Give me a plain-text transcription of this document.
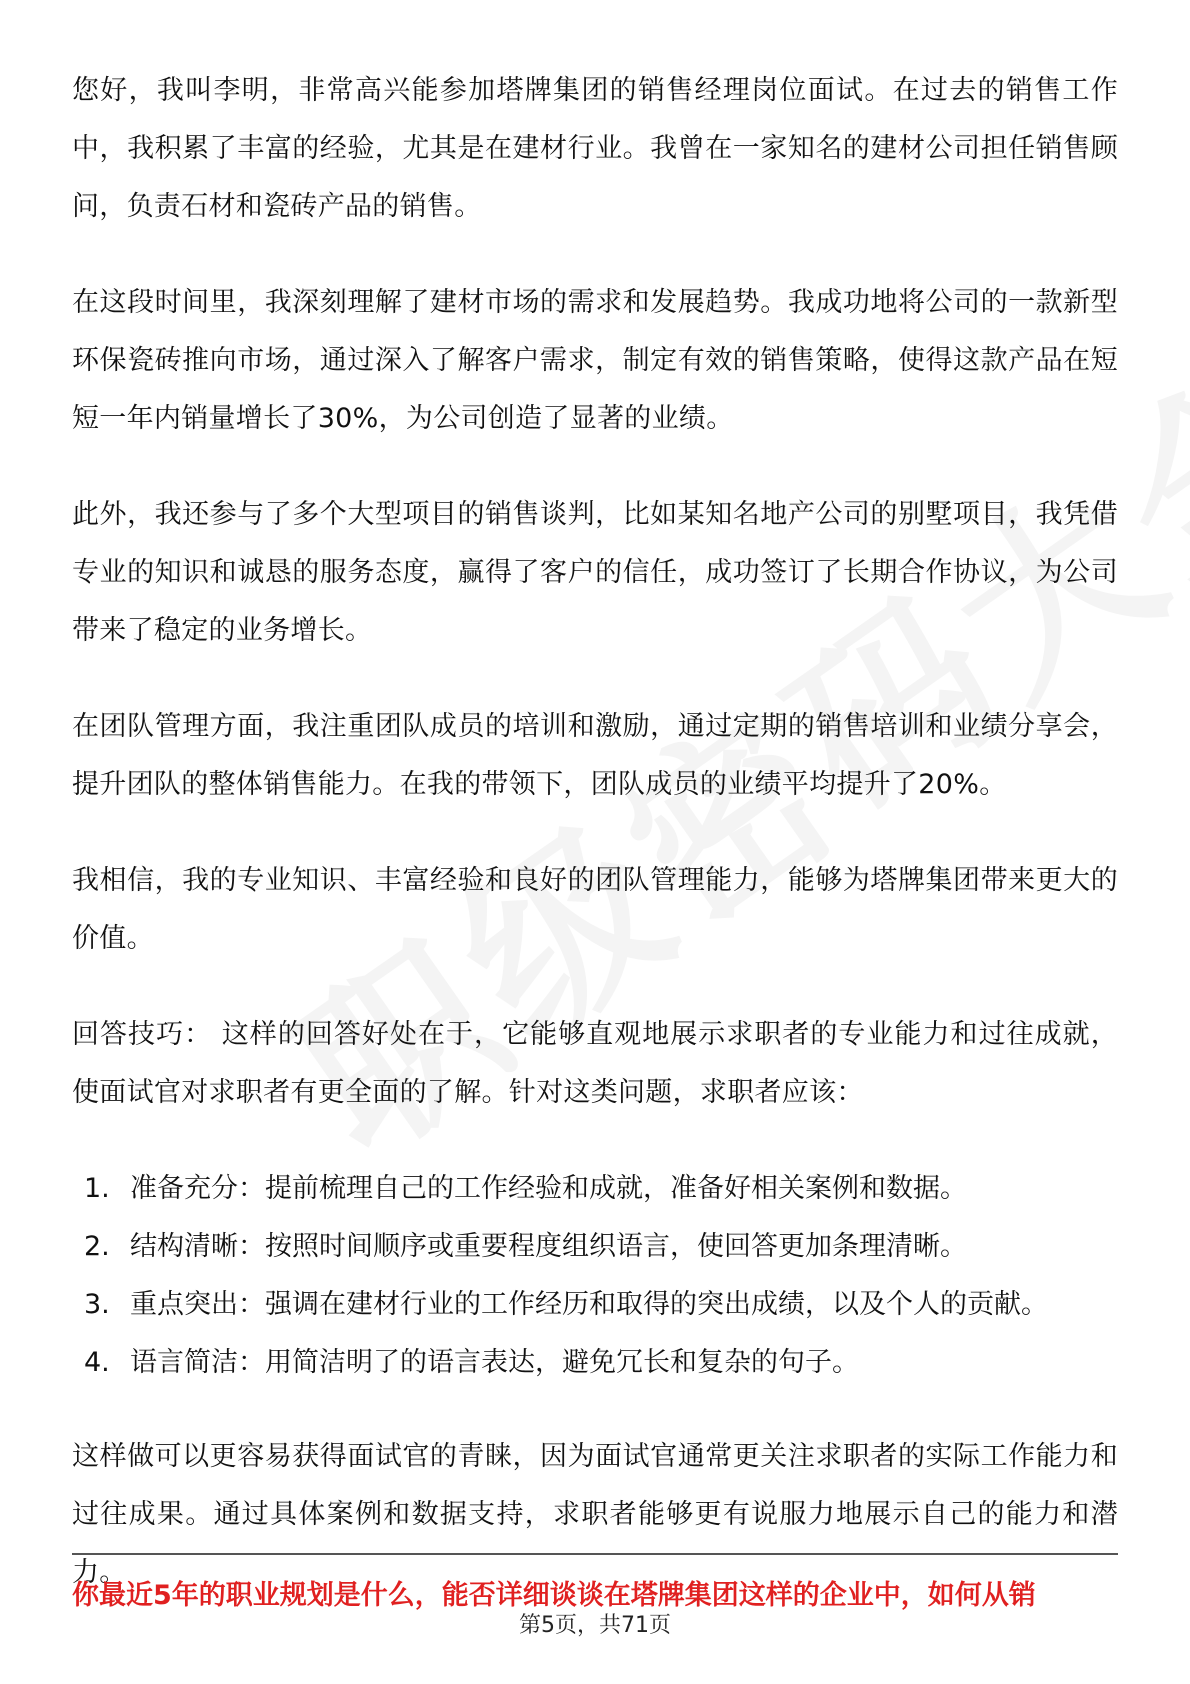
您好，我叫李明，非常高兴能参加塔牌集团的销售经理岗位面试。在过去的销售工作中，我积累了丰富的经验，尤其是在建材行业。我曾在一家知名的建材公司担任销售顾问，负责石材和瓷砖产品的销售。

在这段时间里，我深刻理解了建材市场的需求和发展趋势。我成功地将公司的一款新型环保瓷砖推向市场，通过深入了解客户需求，制定有效的销售策略，使得这款产品在短短一年内销量增长了30%，为公司创造了显著的业绩。

此外，我还参与了多个大型项目的销售谈判，比如某知名地产公司的别墅项目，我凭借专业的知识和诚恳的服务态度，赢得了客户的信任，成功签订了长期合作协议，为公司带来了稳定的业务增长。

在团队管理方面，我注重团队成员的培训和激励，通过定期的销售培训和业绩分享会，提升团队的整体销售能力。在我的带领下，团队成员的业绩平均提升了20%。

我相信，我的专业知识、丰富经验和良好的团队管理能力，能够为塔牌集团带来更大的价值。

回答技巧： 这样的回答好处在于，它能够直观地展示求职者的专业能力和过往成就，使面试官对求职者有更全面的了解。针对这类问题，求职者应该：

1. 准备充分：提前梳理自己的工作经验和成就，准备好相关案例和数据。
2. 结构清晰：按照时间顺序或重要程度组织语言，使回答更加条理清晰。
3. 重点突出：强调在建材行业的工作经历和取得的突出成绩，以及个人的贡献。
4. 语言简洁：用简洁明了的语言表达，避免冗长和复杂的句子。

这样做可以更容易获得面试官的青睐，因为面试官通常更关注求职者的实际工作能力和过往成果。通过具体案例和数据支持，求职者能够更有说服力地展示自己的能力和潜力。

你最近5年的职业规划是什么，能否详细谈谈在塔牌集团这样的企业中，如何从销
第5页，共71页
